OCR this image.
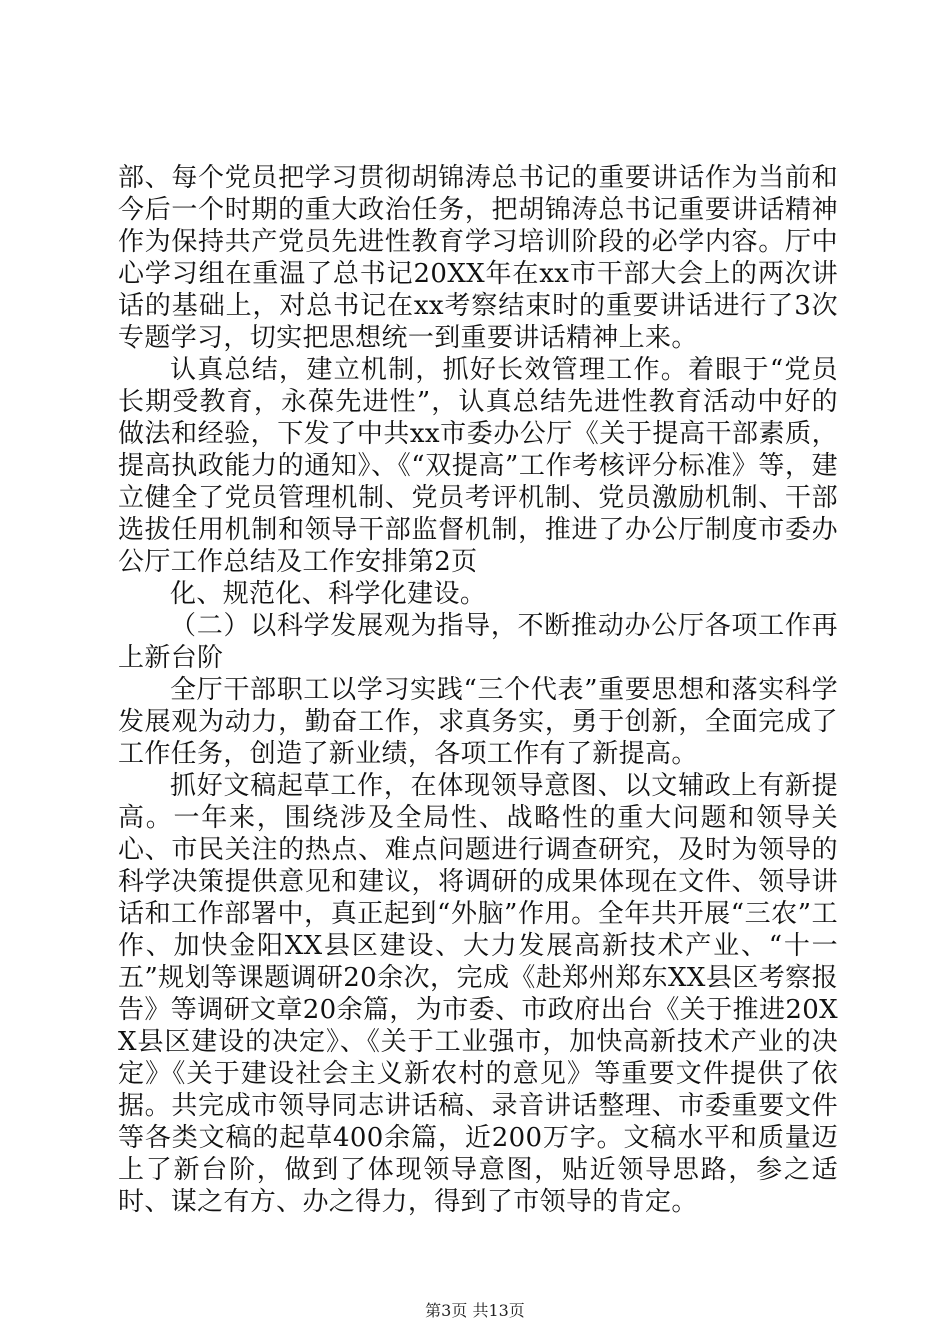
部、每个党员把学习贯彻胡锦涛总书记的重要讲话作为当前和今后一个时期的重大政治任务，把胡锦涛总书记重要讲话精神作为保持共产党员先进性教育学习培训阶段的必学内容。厅中心学习组在重温了总书记20XX年在xx市干部大会上的两次讲话的基础上，对总书记在xx考察结束时的重要讲话进行了3次专题学习，切实把思想统一到重要讲话精神上来。

认真总结，建立机制，抓好长效管理工作。着眼于“党员长期受教育，永葆先进性”，认真总结先进性教育活动中好的做法和经验，下发了中共xx市委办公厅《关于提高干部素质，提高执政能力的通知》、《“双提高”工作考核评分标准》等，建立健全了党员管理机制、党员考评机制、党员激励机制、干部选拔任用机制和领导干部监督机制，推进了办公厅制度市委办公厅工作总结及工作安排第2页

化、规范化、科学化建设。

（二）以科学发展观为指导，不断推动办公厅各项工作再上新台阶

全厅干部职工以学习实践“三个代表”重要思想和落实科学发展观为动力，勤奋工作，求真务实，勇于创新，全面完成了工作任务，创造了新业绩，各项工作有了新提高。

抓好文稿起草工作，在体现领导意图、以文辅政上有新提高。一年来，围绕涉及全局性、战略性的重大问题和领导关心、市民关注的热点、难点问题进行调查研究，及时为领导的科学决策提供意见和建议，将调研的成果体现在文件、领导讲话和工作部署中，真正起到“外脑”作用。全年共开展“三农”工作、加快金阳XX县区建设、大力发展高新技术产业、“十一五”规划等课题调研20余次，完成《赴郑州郑东XX县区考察报告》等调研文章20余篇，为市委、市政府出台《关于推进20XX县区建设的决定》、《关于工业强市，加快高新技术产业的决定》《关于建设社会主义新农村的意见》等重要文件提供了依据。共完成市领导同志讲话稿、录音讲话整理、市委重要文件等各类文稿的起草400余篇，近200万字。文稿水平和质量迈上了新台阶，做到了体现领导意图，贴近领导思路，参之适时、谋之有方、办之得力，得到了市领导的肯定。

第3页 共13页
